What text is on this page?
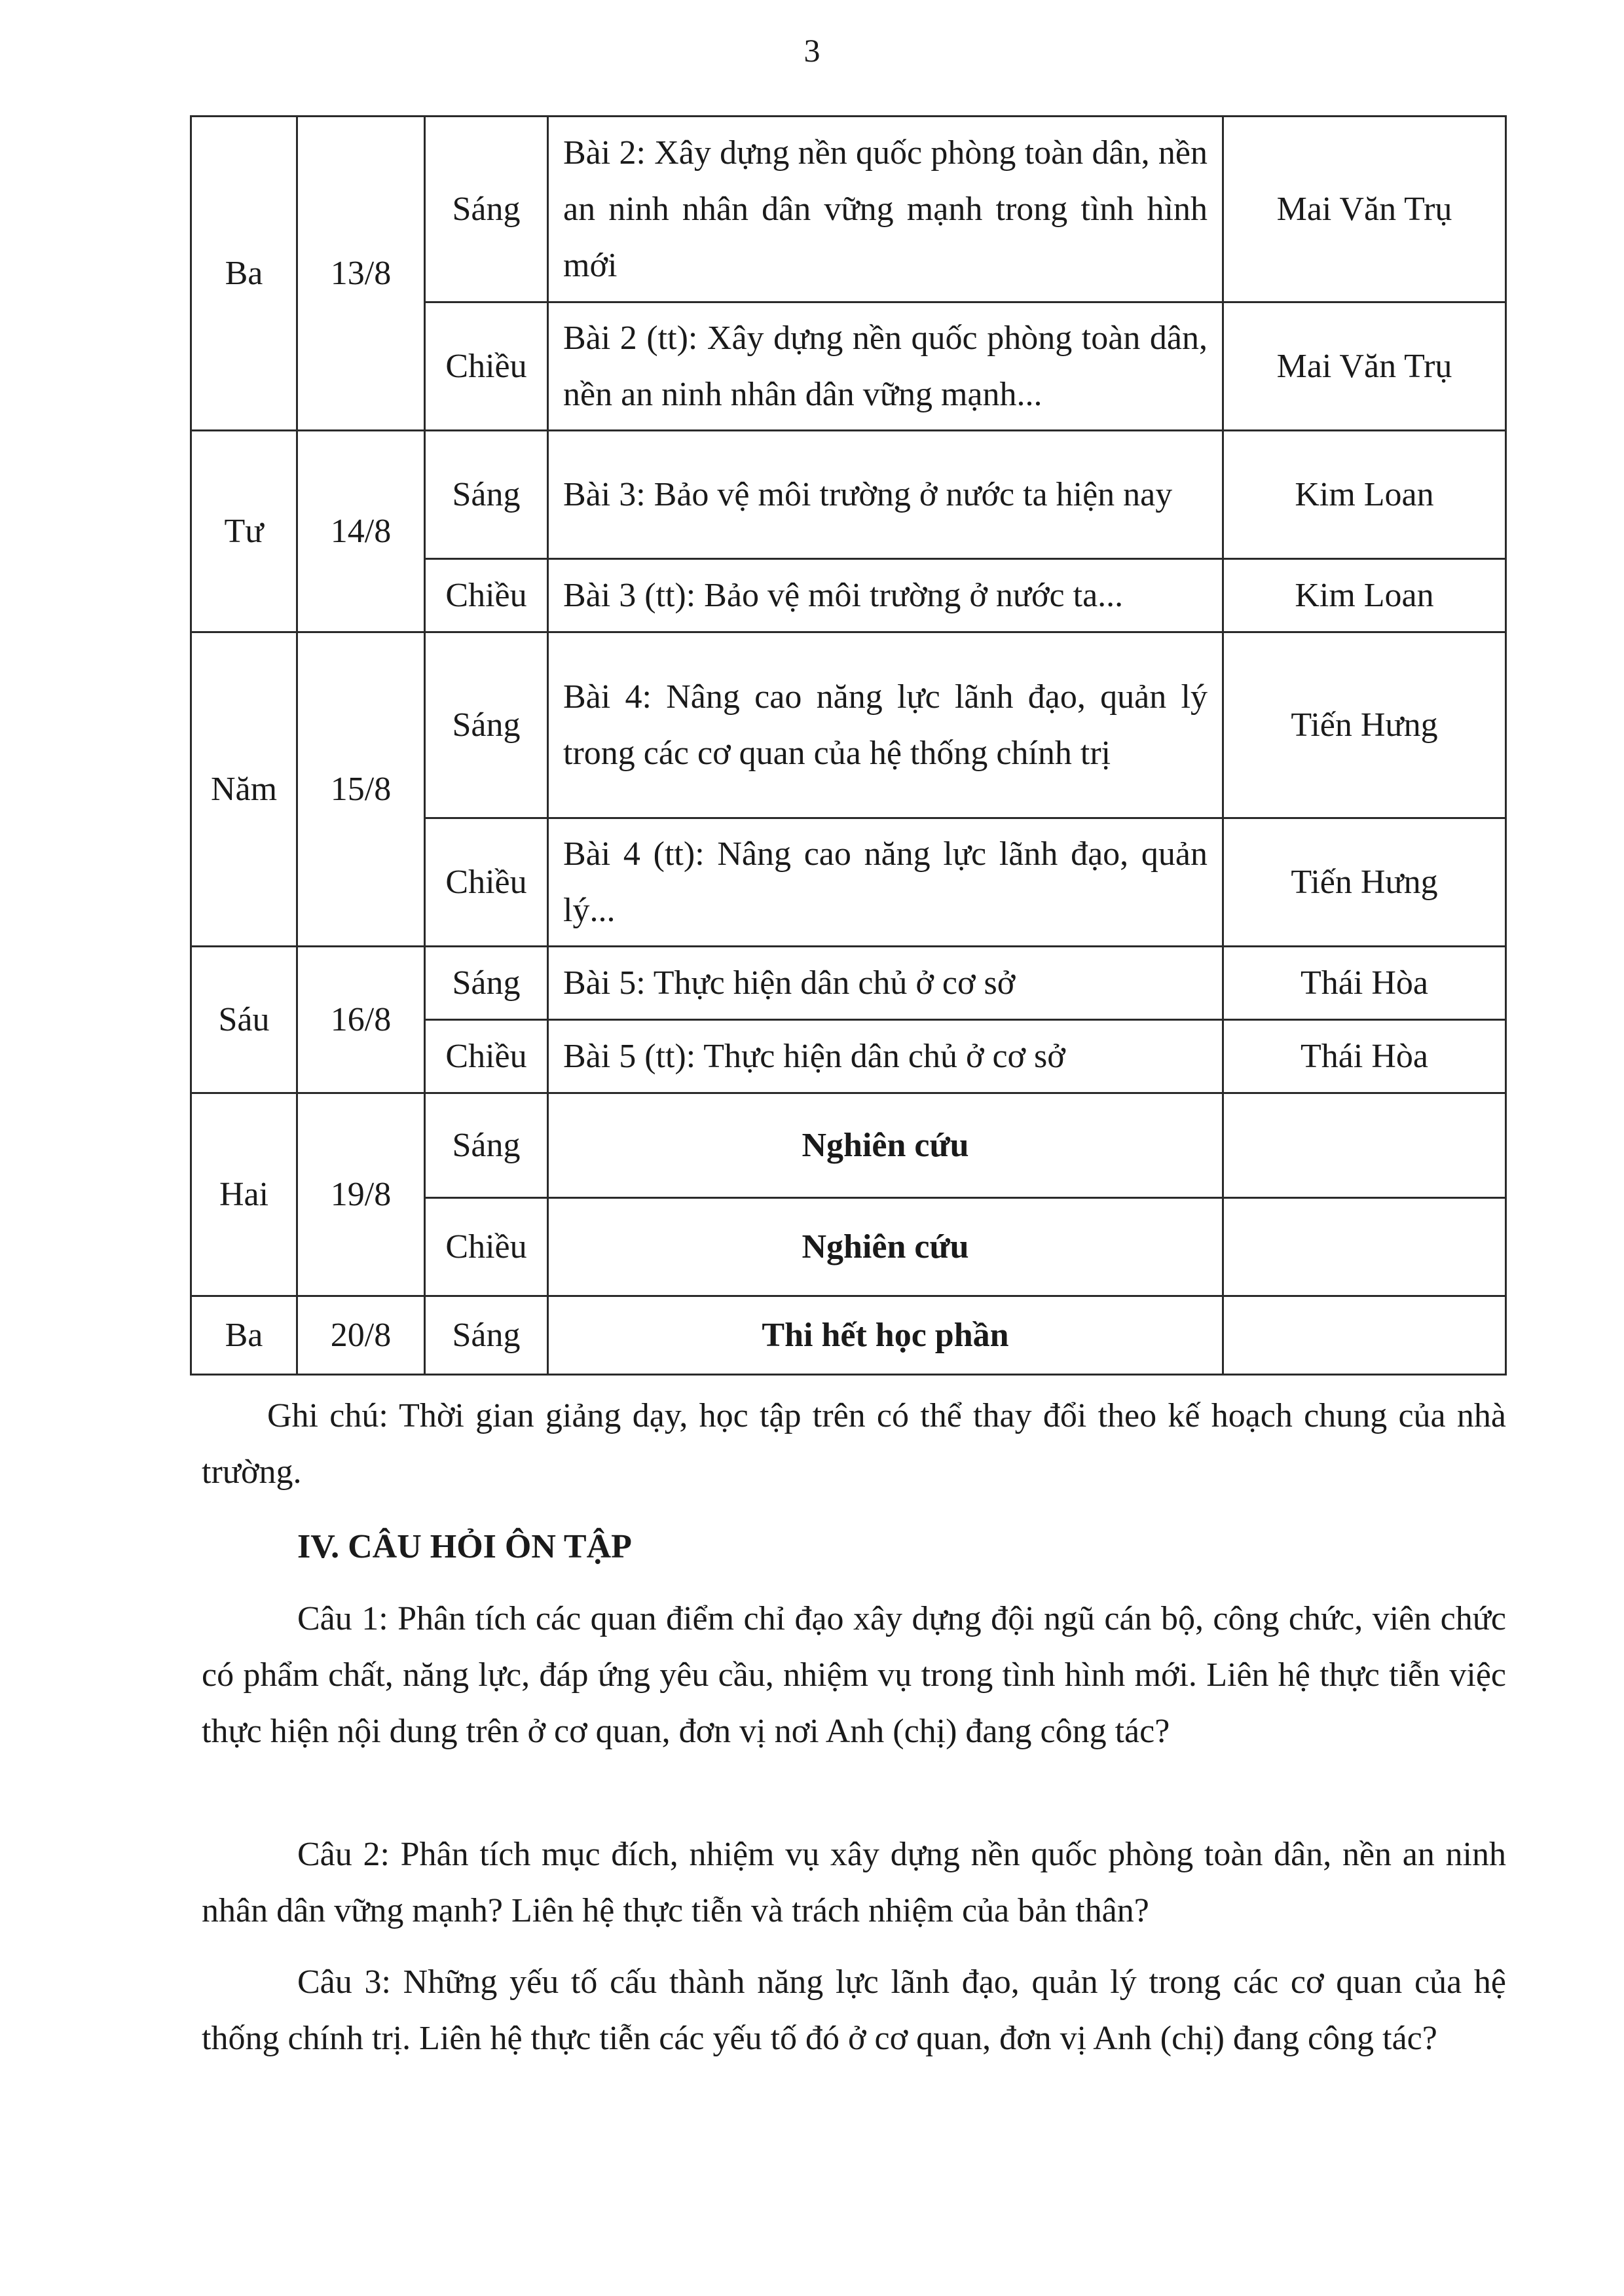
3
Ba	13/8	Sáng	Bài 2: Xây dựng nền quốc phòng toàn dân, nền an ninh nhân dân vững mạnh trong tình hình mới	Mai Văn Trụ
		Chiều	Bài 2 (tt): Xây dựng nền quốc phòng toàn dân, nền an ninh nhân dân vững mạnh...	Mai Văn Trụ
Tư	14/8	Sáng	Bài 3: Bảo vệ môi trường ở nước ta hiện nay	Kim Loan
		Chiều	Bài 3 (tt): Bảo vệ môi trường ở nước ta...	Kim Loan
Năm	15/8	Sáng	Bài 4: Nâng cao năng lực lãnh đạo, quản lý trong các cơ quan của hệ thống chính trị	Tiến Hưng
		Chiều	Bài 4 (tt): Nâng cao năng lực lãnh đạo, quản lý...	Tiến Hưng
Sáu	16/8	Sáng	Bài 5: Thực hiện dân chủ ở cơ sở	Thái Hòa
		Chiều	Bài 5 (tt): Thực hiện dân chủ ở cơ sở	Thái Hòa
Hai	19/8	Sáng	Nghiên cứu	
		Chiều	Nghiên cứu	
Ba	20/8	Sáng	Thi hết học phần	

Ghi chú: Thời gian giảng dạy, học tập trên có thể thay đổi theo kế hoạch chung của nhà trường.

IV. CÂU HỎI ÔN TẬP

Câu 1: Phân tích các quan điểm chỉ đạo xây dựng đội ngũ cán bộ, công chức, viên chức có phẩm chất, năng lực, đáp ứng yêu cầu, nhiệm vụ trong tình hình mới. Liên hệ thực tiễn việc thực hiện nội dung trên ở cơ quan, đơn vị nơi Anh (chị) đang công tác?

Câu 2: Phân tích mục đích, nhiệm vụ xây dựng nền quốc phòng toàn dân, nền an ninh nhân dân vững mạnh? Liên hệ thực tiễn và trách nhiệm của bản thân?

Câu 3: Những yếu tố cấu thành năng lực lãnh đạo, quản lý trong các cơ quan của hệ thống chính trị. Liên hệ thực tiễn các yếu tố đó ở cơ quan, đơn vị Anh (chị) đang công tác?
